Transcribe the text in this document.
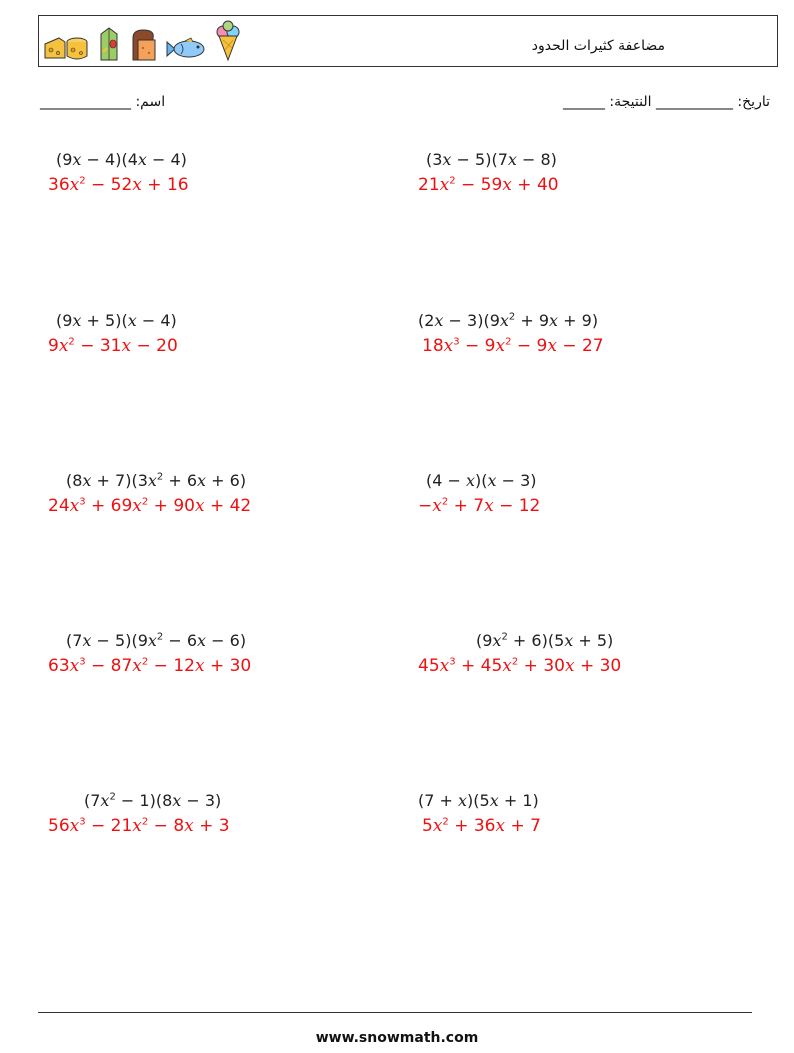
مضاعفة كثيرات الحدود
اسم: _____________	______ :تاريخ: ___________ النتيجة
(9x − 4)(4x − 4)
$36x^2 - 52x + 16$
(3x − 5)(7x − 8)
$21x^2 - 59x + 40$
(9x + 5)(x − 4)
$9x^2 - 31x - 20$
$(2x - 3)(9x^2 + 9x + 9)$
$18x^3 - 9x^2 - 9x - 27$
$(8x + 7)(3x^2 + 6x + 6)$
$24x^3 + 69x^2 + 90x + 42$
(4 − x)(x − 3)
$-x^2 + 7x - 12$
$(7x - 5)(9x^2 - 6x - 6)$
$63x^3 - 87x^2 - 12x + 30$
$(9x^2 + 6)(5x + 5)$
$45x^3 + 45x^2 + 30x + 30$
$(7x^2 - 1)(8x - 3)$
$56x^3 - 21x^2 - 8x + 3$
(7 + x)(5x + 1)
$5x^2 + 36x + 7$
www.snowmath.com
